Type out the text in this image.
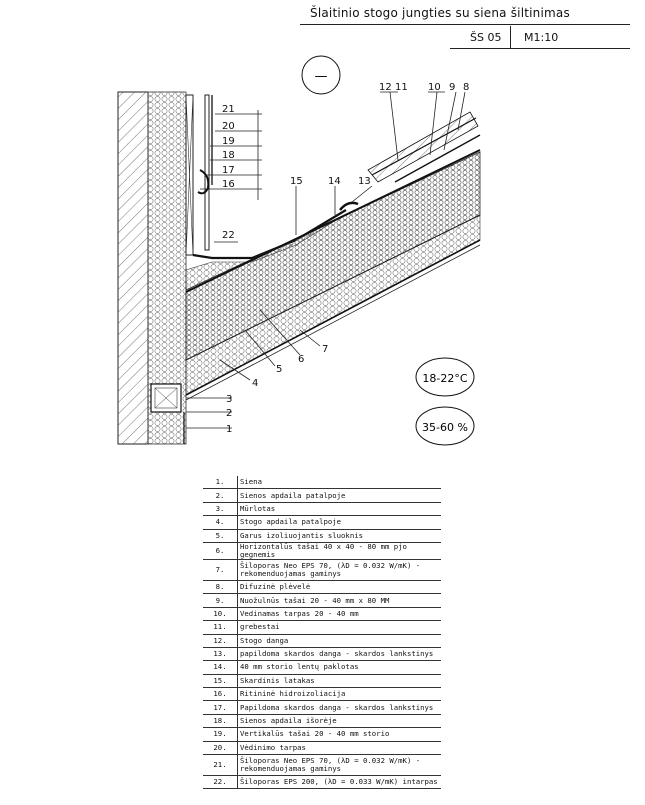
Šlaitinio stogo jungties su siena šiltinimas
ŠS 05 M1:10
—
21
20
19
18
17
16
22
15	14 13
12 11 10 9 8
7
6
5
4
3
2
1
18-22°C
35-60 %
1.	Siena
2.	Sienos apdaila patalpoje
3.	Mūrlotas
4.	Stogo apdaila patalpoje
5.	Garus izoliuojantis sluoknis
6.	Horizontalūs tašai 40 x 40 - 80 mm pjo gegnemis
7.	Šiloporas Neo EPS 70, (λD = 0.032 W/mK) - rekomenduojamas gaminys
8.	Difuzinė plėvelė
9.	Nuožulnūs tašai 20 - 40 mm x 80 MM
10.	Vedinamas tarpas 20 - 40 mm
11.	grebestai
12.	Stogo danga
13.	papildoma skardos danga - skardos lankstinys
14.	40 mm storio lentų paklotas
15.	Skardinis latakas
16.	Ritininė hidroizoliacija
17.	Papildoma skardos danga - skardos lankstinys
18.	Sienos apdaila išorėje
19.	Vertikalūs tašai 20 - 40 mm storio
20.	Vėdinimo tarpas
21.	Šiloporas Neo EPS 70, (λD = 0.032 W/mK) - rekomenduojamas gaminys
22.	Šiloporas EPS 200, (λD = 0.033 W/mK) intarpas
